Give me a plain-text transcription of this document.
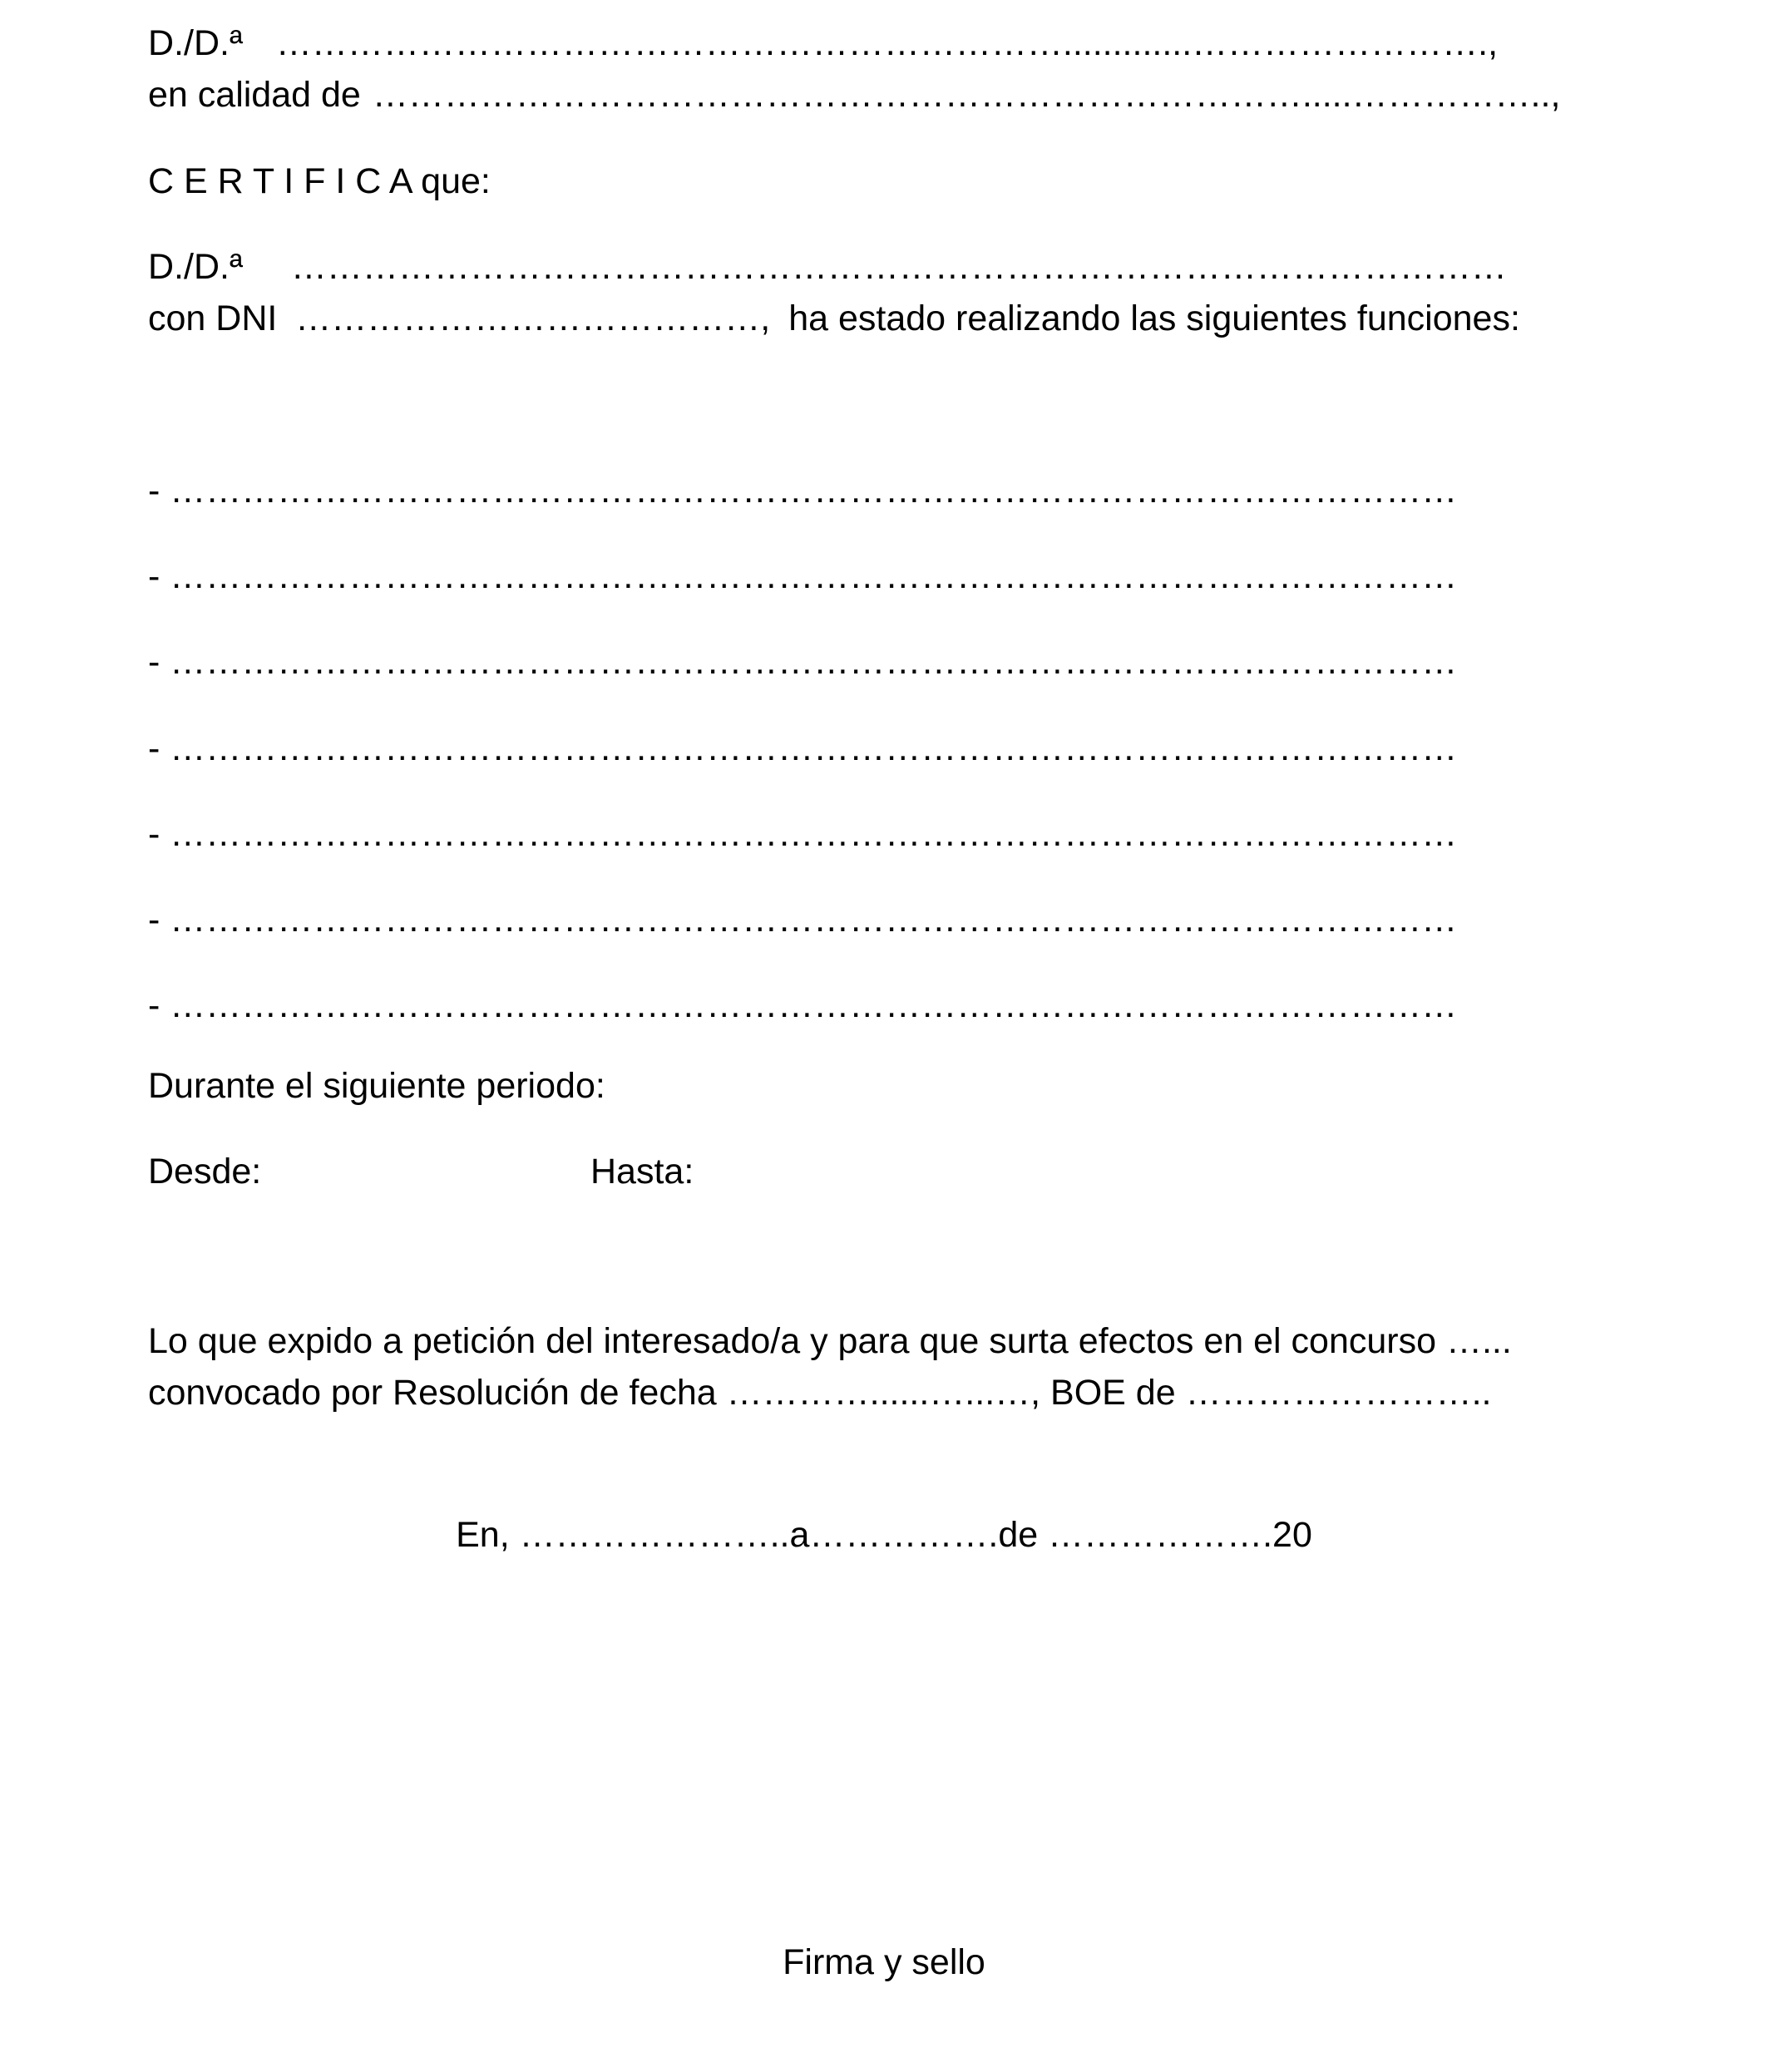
D./D.ª ………………………………………………………….............…………………….,
en calidad de …………………………………………………………………….....……………..,
C E R T I F I C A que:
D./D.ª	…………………………………………………………………………………………
con DNI …………………………………, ha estado realizando las siguientes funciones:
- ………………………………………………………………………………………………
- ………………………………………………………………………………………………
- ………………………………………………………………………………………………
- ………………………………………………………………………………………………
- ………………………………………………………………………………………………
- ………………………………………………………………………………………………
- ………………………………………………………………………………………………
Durante el siguiente periodo:
Desde:	Hasta:
Lo que expido a petición del interesado/a y para que surta efectos en el concurso …...
convocado por Resolución de fecha …………......…...…, BOE de ……………………..
En, …………………..a…………….de ……………….20
Firma y sello
